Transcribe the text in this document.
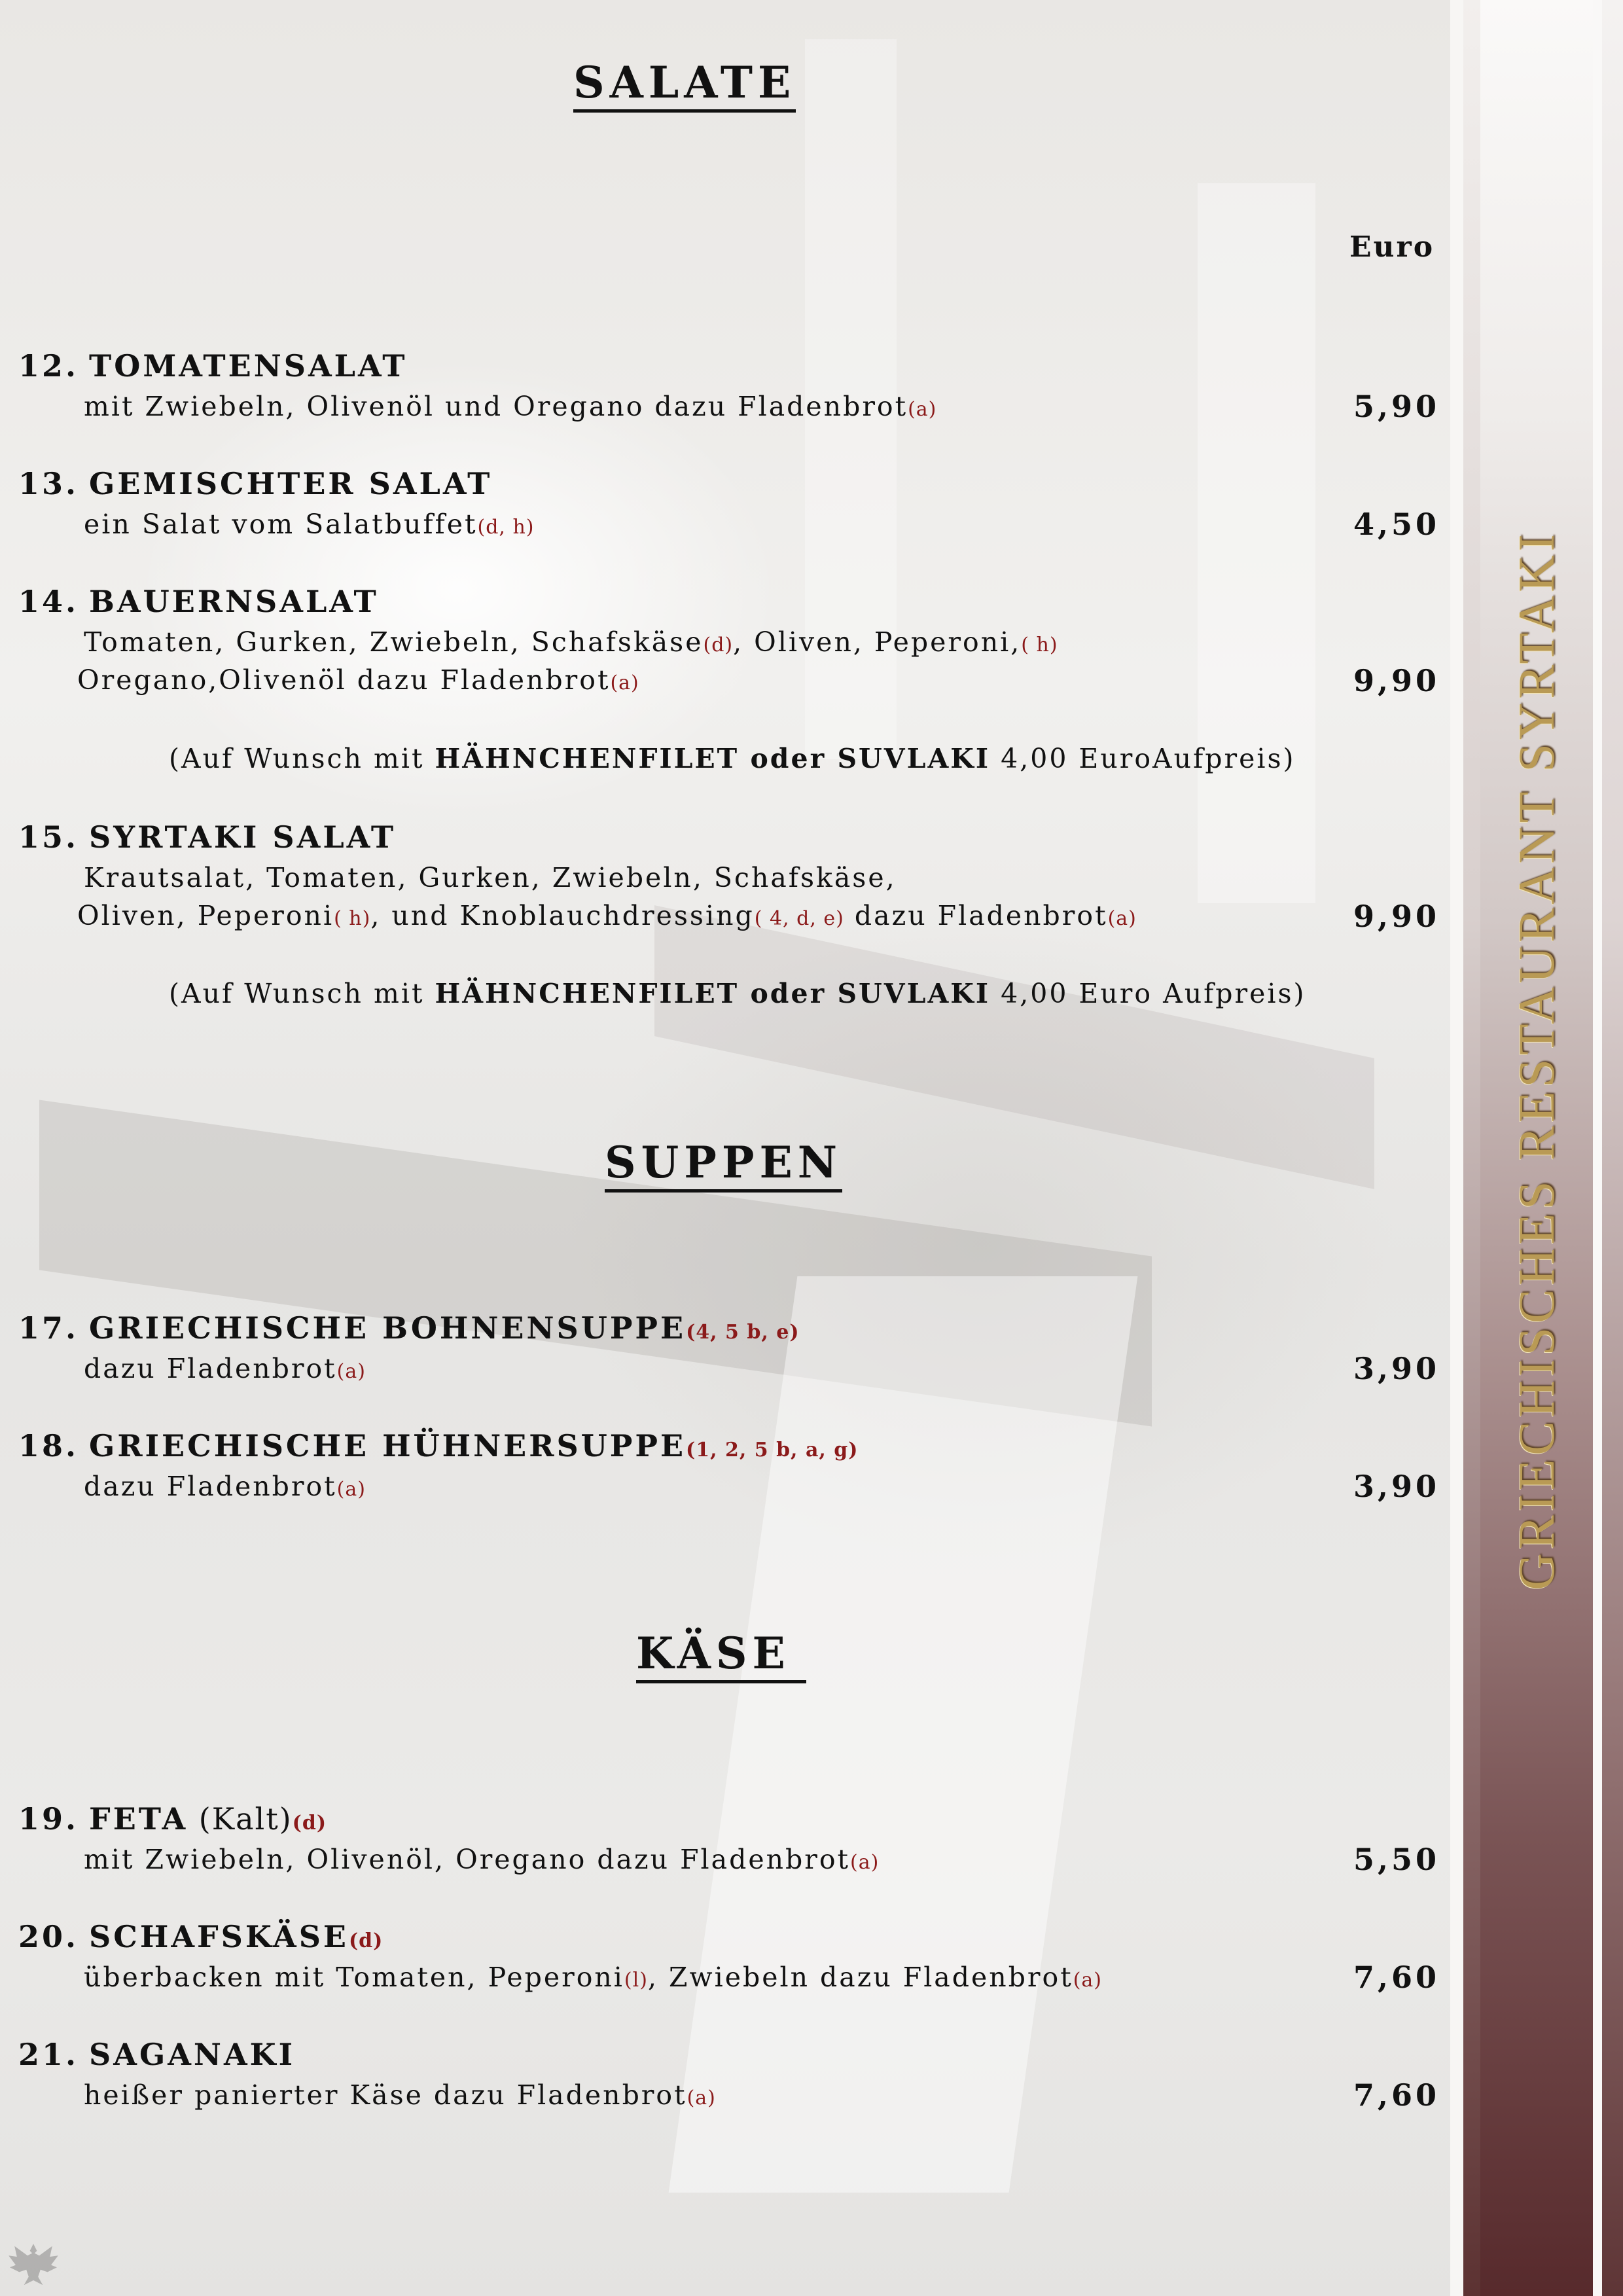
GRIECHISCHES RESTAURANT SYRTAKI
SALATE
Euro
12. TOMATENSALAT
mit Zwiebeln, Olivenöl und Oregano dazu Fladenbrot(a)	5,90
13. GEMISCHTER SALAT
ein Salat vom Salatbuffet(d, h)	4,50
14. BAUERNSALAT
Tomaten, Gurken, Zwiebeln, Schafskäse(d), Oliven, Peperoni,( h)
Oregano,Olivenöl dazu Fladenbrot(a)	9,90
(Auf Wunsch mit HÄHNCHENFILET oder SUVLAKI 4,00 EuroAufpreis)
15. SYRTAKI SALAT
Krautsalat, Tomaten, Gurken, Zwiebeln, Schafskäse,
Oliven, Peperoni( h), und Knoblauchdressing( 4, d, e) dazu Fladenbrot(a)	9,90
(Auf Wunsch mit HÄHNCHENFILET oder SUVLAKI 4,00 Euro Aufpreis)
SUPPEN
17. GRIECHISCHE BOHNENSUPPE(4, 5 b, e)
dazu Fladenbrot(a)	3,90
18. GRIECHISCHE HÜHNERSUPPE(1, 2, 5 b, a, g)
dazu Fladenbrot(a)	3,90
KÄSE
19. FETA (Kalt)(d)
mit Zwiebeln, Olivenöl, Oregano dazu Fladenbrot(a)	5,50
20. SCHAFSKÄSE(d)
überbacken mit Tomaten, Peperoni(l), Zwiebeln dazu Fladenbrot(a)	7,60
21. SAGANAKI
heißer panierter Käse dazu Fladenbrot(a)	7,60
